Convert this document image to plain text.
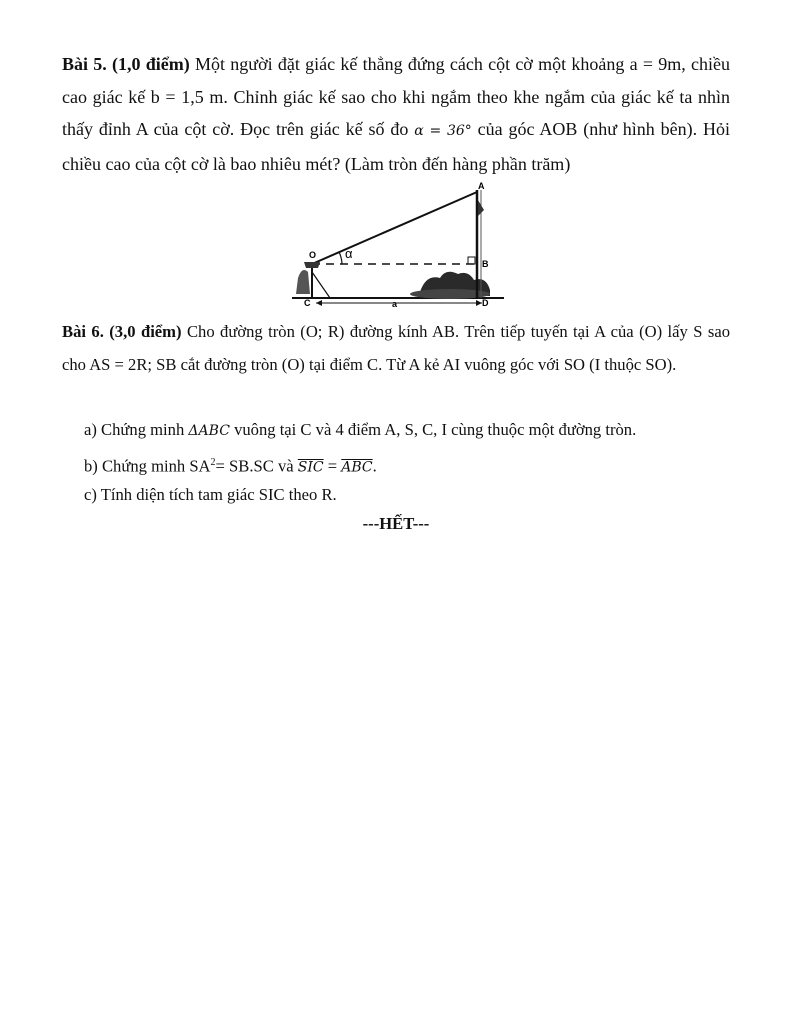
Bài 5. (1,0 điểm) Một người đặt giác kế thẳng đứng cách cột cờ một khoảng a = 9m, chiều cao giác kế b = 1,5 m. Chỉnh giác kế sao cho khi ngắm theo khe ngắm của giác kế ta nhìn thấy đỉnh A của cột cờ. Đọc trên giác kế số đo α = 36° của góc AOB (như hình bên). Hỏi chiều cao của cột cờ là bao nhiêu mét? (Làm tròn đến hàng phần trăm)
A
O
B
C	D
α
a
Bài 6. (3,0 điểm) Cho đường tròn (O; R) đường kính AB. Trên tiếp tuyến tại A của (O) lấy S sao cho AS = 2R; SB cắt đường tròn (O) tại điểm C. Từ A kẻ AI vuông góc với SO (I thuộc SO).
a) Chứng minh ΔABC vuông tại C và 4 điểm A, S, C, I cùng thuộc một đường tròn.
b) Chứng minh $SA^2= SB.SC$ và $\overline{SIC} = \overline{ABC}$.
c) Tính diện tích tam giác SIC theo R.
---HẾT---
